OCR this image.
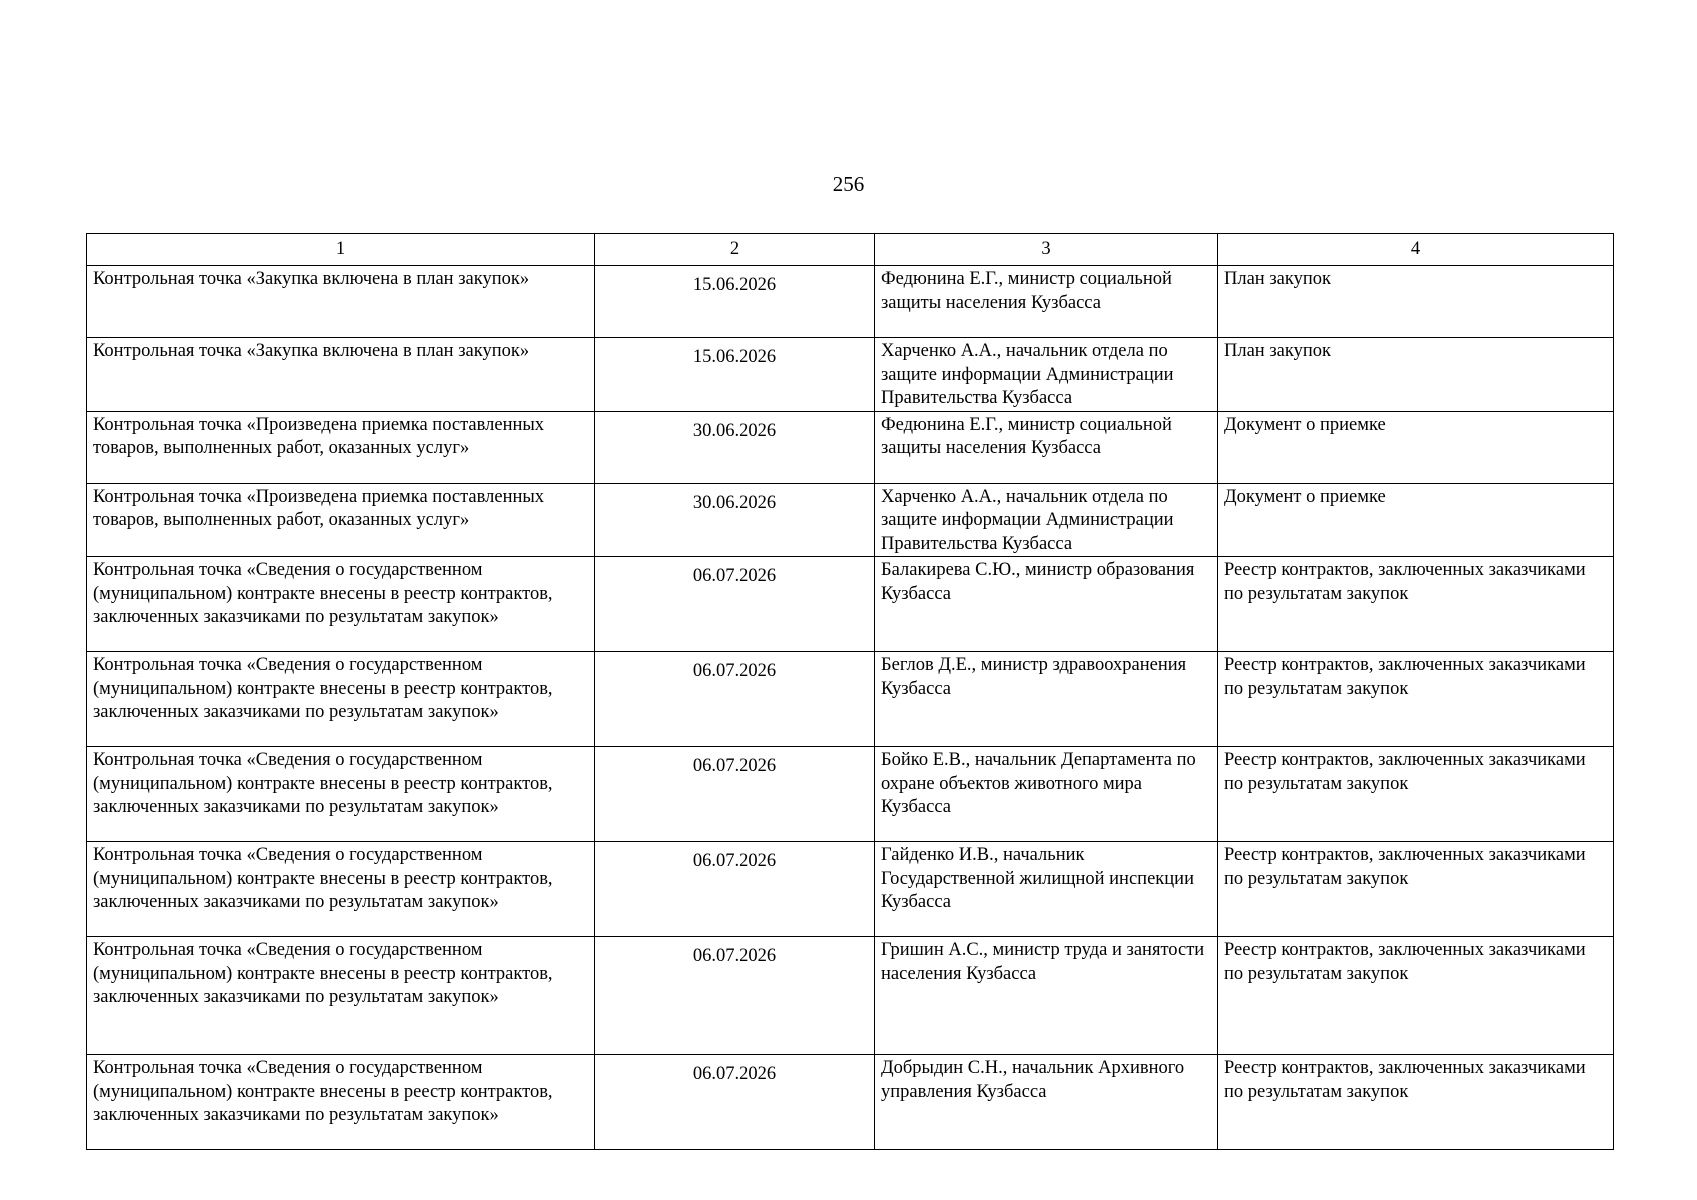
256
1	2	3	4
Контрольная точка «Закупка включена в план закупок»	15.06.2026	Федюнина Е.Г., министр социальной защиты населения Кузбасса	План закупок
Контрольная точка «Закупка включена в план закупок»	15.06.2026	Харченко А.А., начальник отдела по защите информации Администрации Правительства Кузбасса	План закупок
Контрольная точка «Произведена приемка поставленных товаров, выполненных работ, оказанных услуг»	30.06.2026	Федюнина Е.Г., министр социальной защиты населения Кузбасса	Документ о приемке
Контрольная точка «Произведена приемка поставленных товаров, выполненных работ, оказанных услуг»	30.06.2026	Харченко А.А., начальник отдела по защите информации Администрации Правительства Кузбасса	Документ о приемке
Контрольная точка «Сведения о государственном (муниципальном) контракте внесены в реестр контрактов, заключенных заказчиками по результатам закупок»	06.07.2026	Балакирева С.Ю., министр образования Кузбасса	Реестр контрактов, заключенных заказчиками по результатам закупок
Контрольная точка «Сведения о государственном (муниципальном) контракте внесены в реестр контрактов, заключенных заказчиками по результатам закупок»	06.07.2026	Беглов Д.Е., министр здравоохранения Кузбасса	Реестр контрактов, заключенных заказчиками по результатам закупок
Контрольная точка «Сведения о государственном (муниципальном) контракте внесены в реестр контрактов, заключенных заказчиками по результатам закупок»	06.07.2026	Бойко Е.В., начальник Департамента по охране объектов животного мира Кузбасса	Реестр контрактов, заключенных заказчиками по результатам закупок
Контрольная точка «Сведения о государственном (муниципальном) контракте внесены в реестр контрактов, заключенных заказчиками по результатам закупок»	06.07.2026	Гайденко И.В., начальник Государственной жилищной инспекции Кузбасса	Реестр контрактов, заключенных заказчиками по результатам закупок
Контрольная точка «Сведения о государственном (муниципальном) контракте внесены в реестр контрактов, заключенных заказчиками по результатам закупок»	06.07.2026	Гришин А.С., министр труда и занятости населения Кузбасса	Реестр контрактов, заключенных заказчиками по результатам закупок
Контрольная точка «Сведения о государственном (муниципальном) контракте внесены в реестр контрактов, заключенных заказчиками по результатам закупок»	06.07.2026	Добрыдин С.Н., начальник Архивного управления Кузбасса	Реестр контрактов, заключенных заказчиками по результатам закупок
